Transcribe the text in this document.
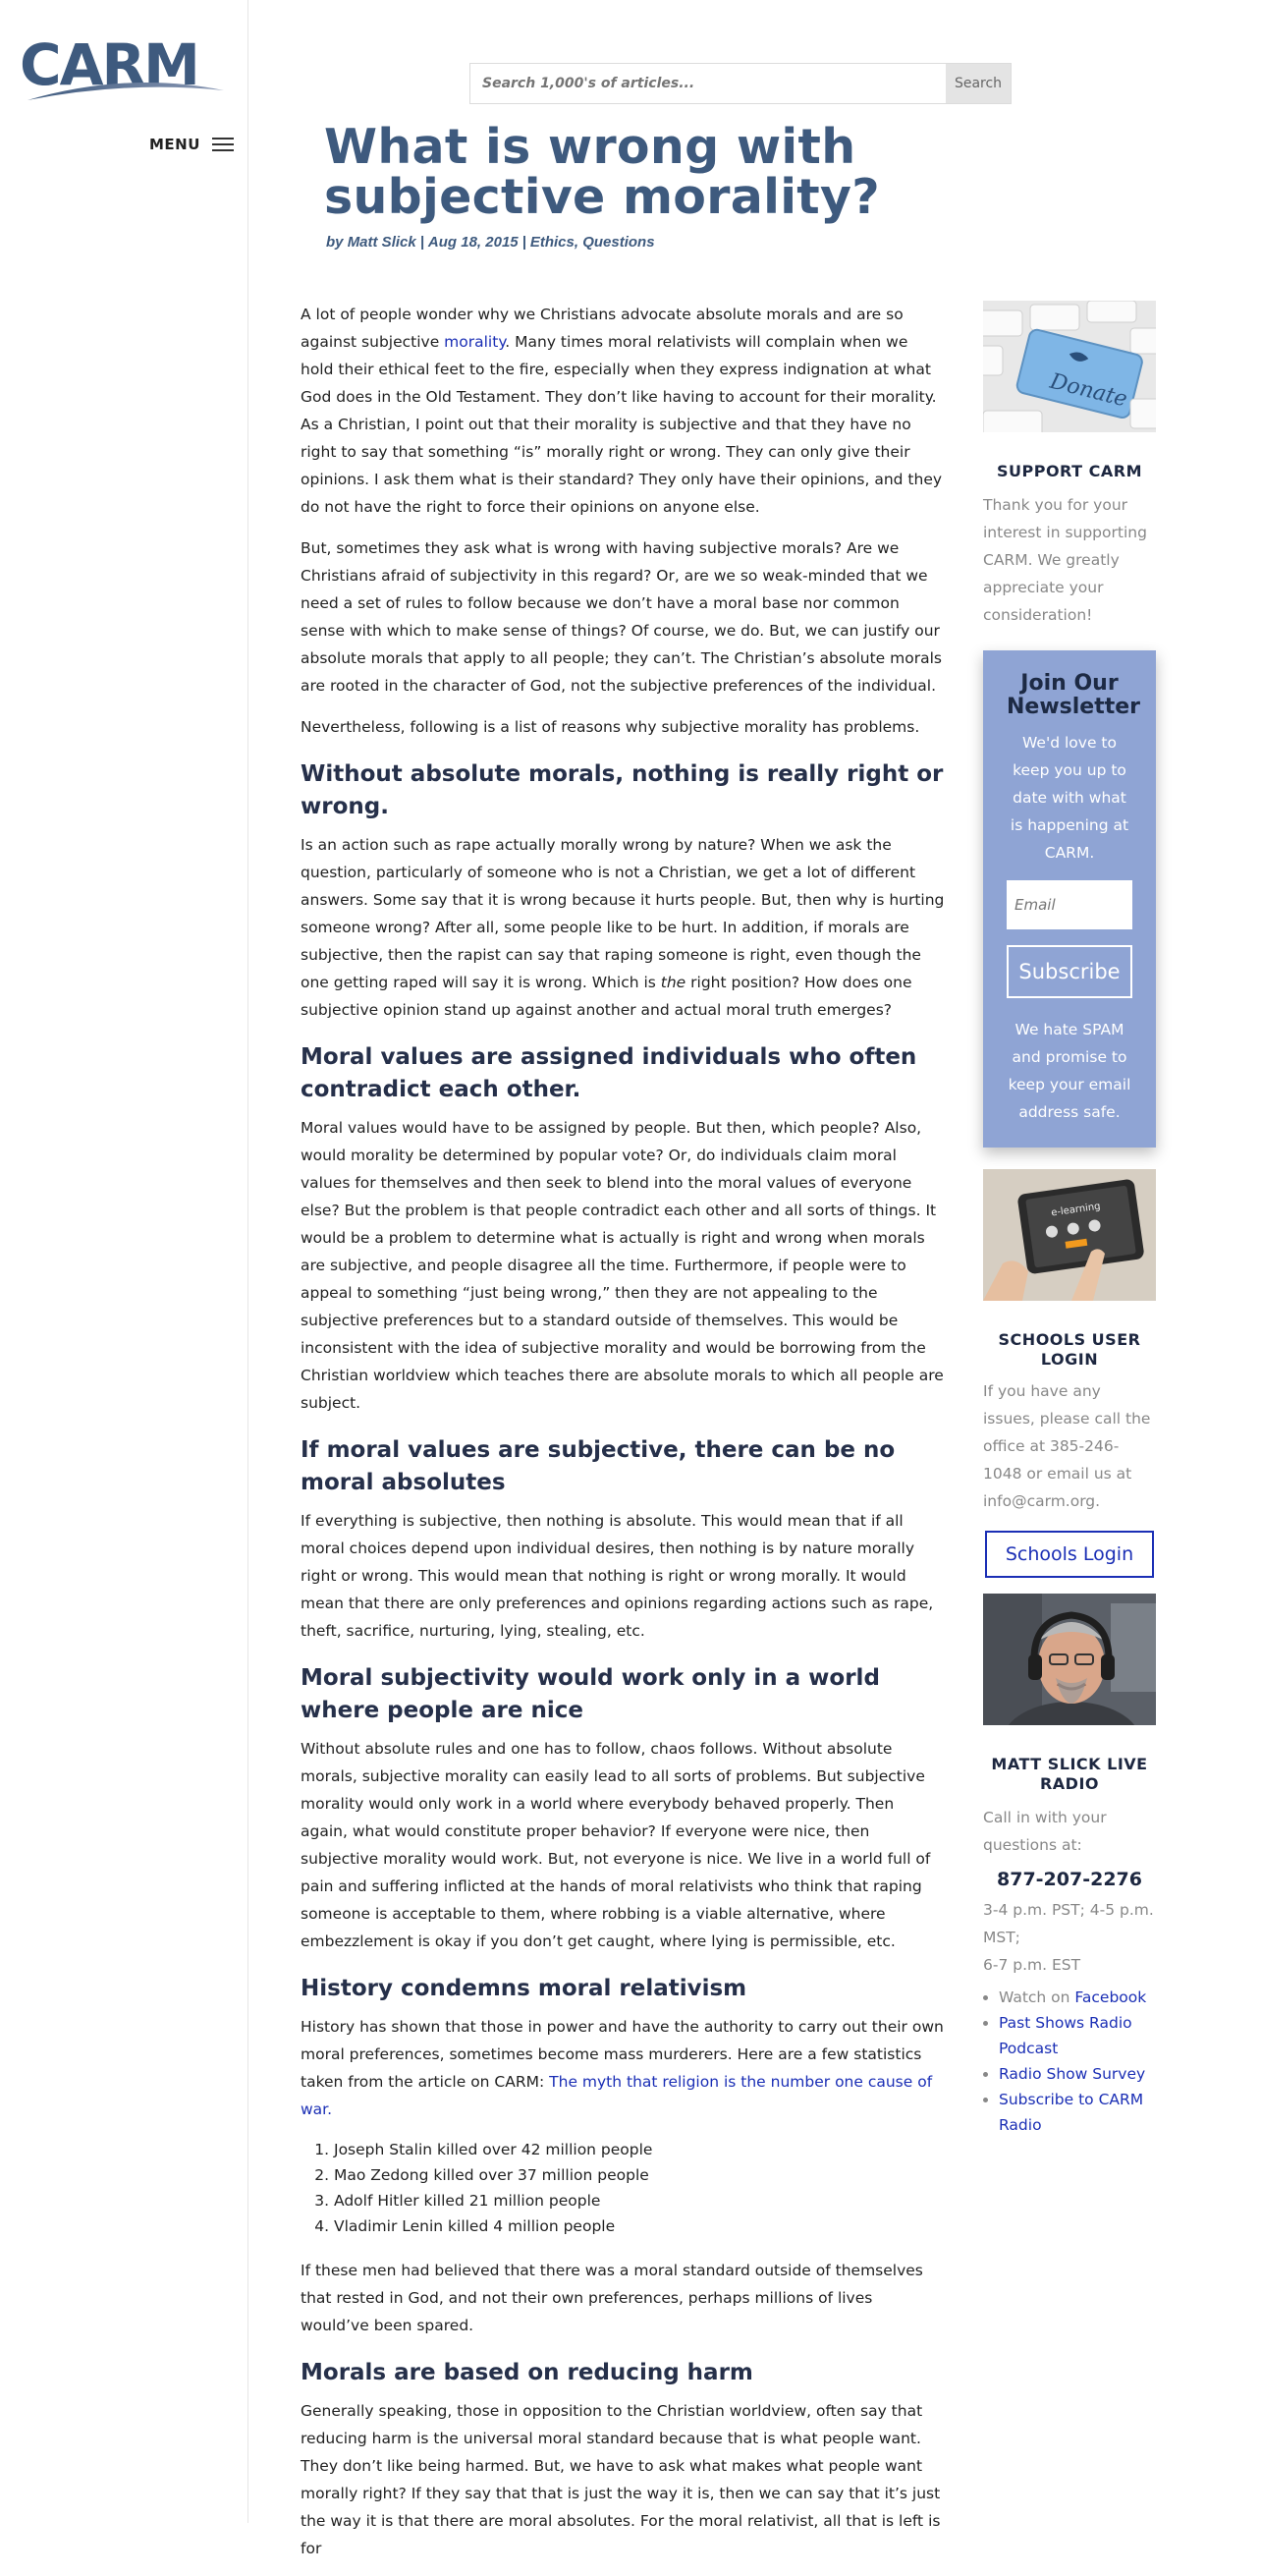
CARM
MENU
Search 1,000's of articles...
Search
What is wrong with subjective morality?
by Matt Slick | Aug 18, 2015 | Ethics, Questions

A lot of people wonder why we Christians advocate absolute morals and are so against subjective morality. Many times moral relativists will complain when we hold their ethical feet to the fire, especially when they express indignation at what God does in the Old Testament. They don’t like having to account for their morality. As a Christian, I point out that their morality is subjective and that they have no right to say that something “is” morally right or wrong. They can only give their opinions. I ask them what is their standard? They only have their opinions, and they do not have the right to force their opinions on anyone else.

But, sometimes they ask what is wrong with having subjective morals? Are we Christians afraid of subjectivity in this regard? Or, are we so weak-minded that we need a set of rules to follow because we don’t have a moral base nor common sense with which to make sense of things? Of course, we do. But, we can justify our absolute morals that apply to all people; they can’t. The Christian’s absolute morals are rooted in the character of God, not the subjective preferences of the individual.

Nevertheless, following is a list of reasons why subjective morality has problems.

Without absolute morals, nothing is really right or wrong.

Is an action such as rape actually morally wrong by nature? When we ask the question, particularly of someone who is not a Christian, we get a lot of different answers. Some say that it is wrong because it hurts people. But, then why is hurting someone wrong? After all, some people like to be hurt. In addition, if morals are subjective, then the rapist can say that raping someone is right, even though the one getting raped will say it is wrong. Which is the right position? How does one subjective opinion stand up against another and actual moral truth emerges?

Moral values are assigned individuals who often contradict each other.

Moral values would have to be assigned by people. But then, which people? Also, would morality be determined by popular vote? Or, do individuals claim moral values for themselves and then seek to blend into the moral values of everyone else? But the problem is that people contradict each other and all sorts of things. It would be a problem to determine what is actually is right and wrong when morals are subjective, and people disagree all the time. Furthermore, if people were to appeal to something “just being wrong,” then they are not appealing to the subjective preferences but to a standard outside of themselves. This would be inconsistent with the idea of subjective morality and would be borrowing from the Christian worldview which teaches there are absolute morals to which all people are subject.

If moral values are subjective, there can be no moral absolutes

If everything is subjective, then nothing is absolute. This would mean that if all moral choices depend upon individual desires, then nothing is by nature morally right or wrong. This would mean that nothing is right or wrong morally. It would mean that there are only preferences and opinions regarding actions such as rape, theft, sacrifice, nurturing, lying, stealing, etc.

Moral subjectivity would work only in a world where people are nice

Without absolute rules and one has to follow, chaos follows. Without absolute morals, subjective morality can easily lead to all sorts of problems. But subjective morality would only work in a world where everybody behaved properly. Then again, what would constitute proper behavior? If everyone were nice, then subjective morality would work. But, not everyone is nice. We live in a world full of pain and suffering inflicted at the hands of moral relativists who think that raping someone is acceptable to them, where robbing is a viable alternative, where embezzlement is okay if you don’t get caught, where lying is permissible, etc.

History condemns moral relativism

History has shown that those in power and have the authority to carry out their own moral preferences, sometimes become mass murderers. Here are a few statistics taken from the article on CARM: The myth that religion is the number one cause of war.

1. Joseph Stalin killed over 42 million people
2. Mao Zedong killed over 37 million people
3. Adolf Hitler killed 21 million people
4. Vladimir Lenin killed 4 million people

If these men had believed that there was a moral standard outside of themselves that rested in God, and not their own preferences, perhaps millions of lives would’ve been spared.

Morals are based on reducing harm

Generally speaking, those in opposition to the Christian worldview, often say that reducing harm is the universal moral standard because that is what people want. They don’t like being harmed. But, we have to ask what makes what people want morally right? If they say that that is just the way it is, then we can say that it’s just the way it is that there are moral absolutes. For the moral relativist, all that is left is for

Donate
SUPPORT CARM

Thank you for your interest in supporting CARM. We greatly appreciate your consideration!

Join Our Newsletter

We'd love to keep you up to date with what is happening at CARM.

Email
Subscribe

We hate SPAM and promise to keep your email address safe.

e-learning
SCHOOLS USER LOGIN

If you have any issues, please call the office at 385-246-1048 or email us at info@carm.org.

Schools Login
MATT SLICK LIVE RADIO

Call in with your questions at:

877-207-2276

3-4 p.m. PST; 4-5 p.m. MST;

6-7 p.m. EST

• Watch on Facebook
• Past Shows Radio Podcast
• Radio Show Survey
• Subscribe to CARM Radio
